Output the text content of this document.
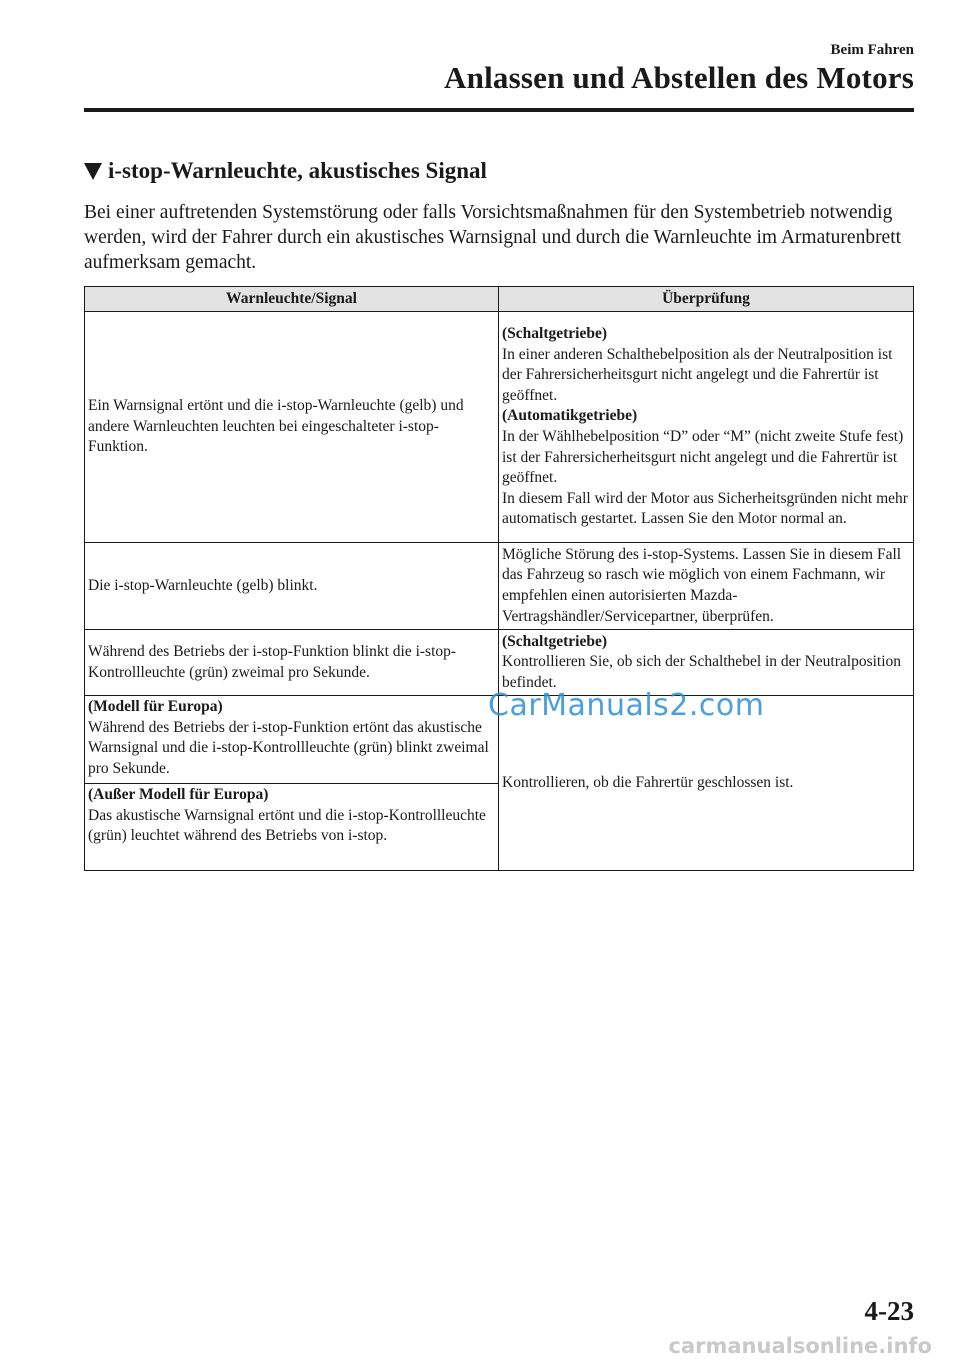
Beim Fahren
Anlassen und Abstellen des Motors
i-stop-Warnleuchte, akustisches Signal

Bei einer auftretenden Systemstörung oder falls Vorsichtsmaßnahmen für den Systembetrieb notwendig werden, wird der Fahrer durch ein akustisches Warnsignal und durch die Warnleuchte im Armaturenbrett aufmerksam gemacht.

Warnleuchte/Signal	Überprüfung
Ein Warnsignal ertönt und die i-stop-Warnleuchte (gelb) und andere Warnleuchten leuchten bei eingeschalteter i-stop-Funktion.	(Schaltgetriebe)
In einer anderen Schalthebelposition als der Neutralposition ist der Fahrersicherheitsgurt nicht angelegt und die Fahrertür ist geöffnet.
(Automatikgetriebe)
In der Wählhebelposition “D” oder “M” (nicht zweite Stufe fest) ist der Fahrersicherheitsgurt nicht angelegt und die Fahrertür ist geöffnet.
In diesem Fall wird der Motor aus Sicherheitsgründen nicht mehr automatisch gestartet. Lassen Sie den Motor normal an.

Die i-stop-Warnleuchte (gelb) blinkt.	Mögliche Störung des i-stop-Systems. Lassen Sie in diesem Fall das Fahrzeug so rasch wie möglich von einem Fachmann, wir empfehlen einen autorisierten Mazda-Vertragshändler/Servicepartner, überprüfen.
Während des Betriebs der i-stop-Funktion blinkt die i-stop-Kontrollleuchte (grün) zweimal pro Sekunde.	(Schaltgetriebe)
Kontrollieren Sie, ob sich der Schalthebel in der Neutralposition befindet.

(Modell für Europa)
Während des Betriebs der i-stop-Funktion ertönt das akustische Warnsignal und die i-stop-Kontrollleuchte (grün) blinkt zweimal pro Sekunde.	Kontrollieren, ob die Fahrertür geschlossen ist.

(Außer Modell für Europa)
Das akustische Warnsignal ertönt und die i-stop-Kontrollleuchte (grün) leuchtet während des Betriebs von i-stop.	
CarManuals2.com
4-23
carmanualsonline.info
